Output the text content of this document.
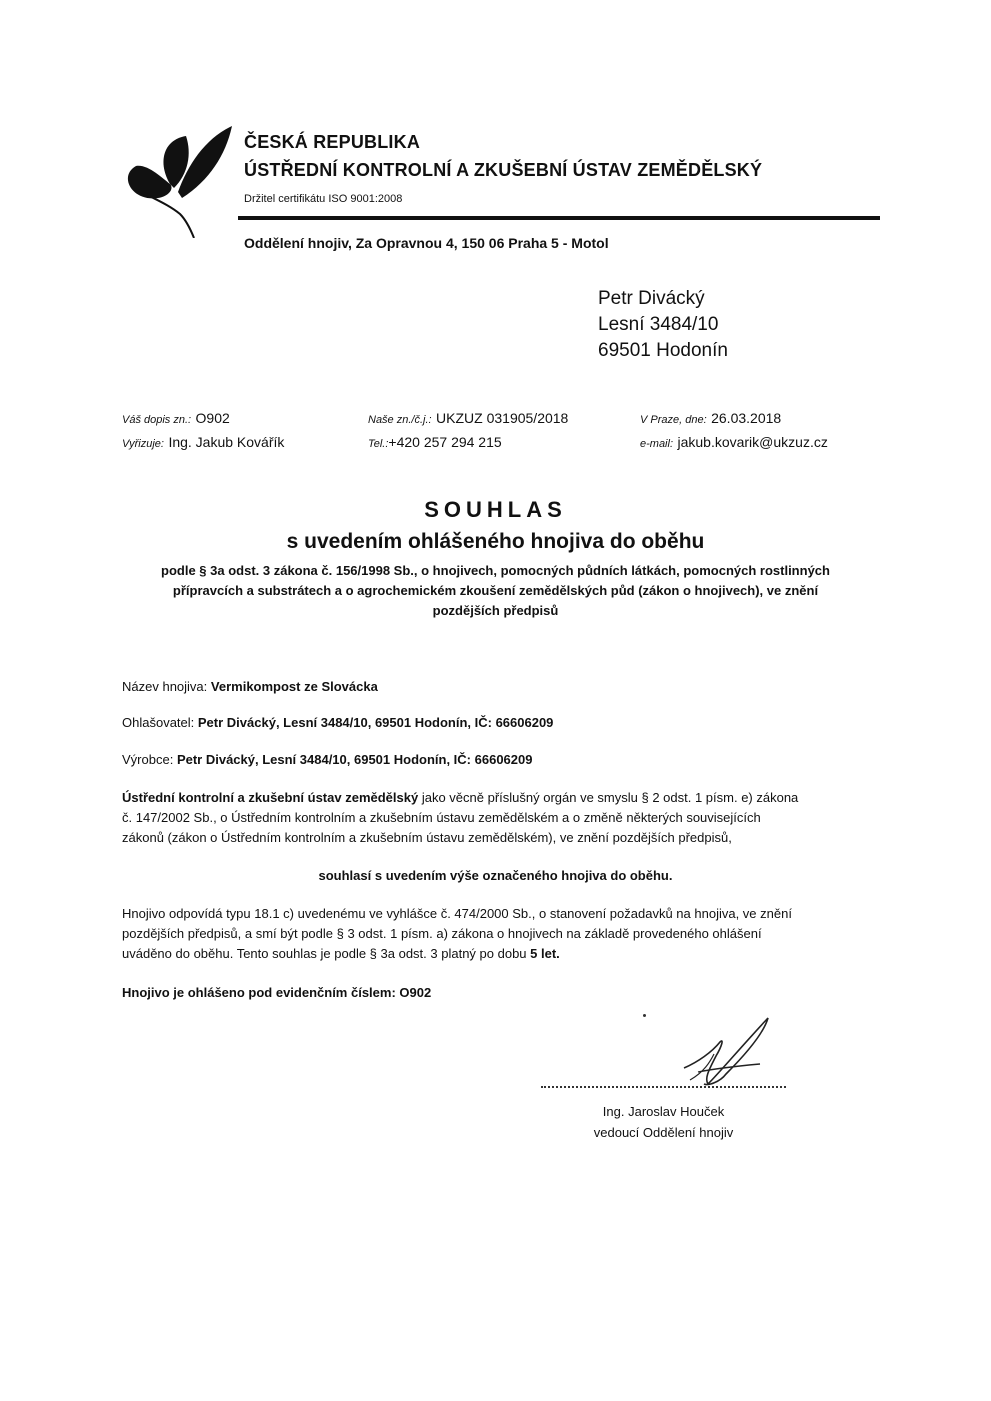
ČESKÁ REPUBLIKA
ÚSTŘEDNÍ KONTROLNÍ A ZKUŠEBNÍ ÚSTAV ZEMĚDĚLSKÝ
Držitel certifikátu ISO 9001:2008
Oddělení hnojiv, Za Opravnou 4, 150 06 Praha 5 - Motol
Petr Divácký
Lesní 3484/10
69501 Hodonín
Váš dopis zn.: O902	Naše zn./č.j.: UKZUZ 031905/2018	V Praze, dne: 26.03.2018
Vyřizuje: Ing. Jakub Kovářík	Tel.:+420 257 294 215	e-mail: jakub.kovarik@ukzuz.cz
SOUHLAS
s uvedením ohlášeného hnojiva do oběhu
podle § 3a odst. 3 zákona č. 156/1998 Sb., o hnojivech, pomocných půdních látkách, pomocných rostlinných
přípravcích a substrátech a o agrochemickém zkoušení zemědělských půd (zákon o hnojivech), ve znění
pozdějších předpisů
Název hnojiva: Vermikompost ze Slovácka
Ohlašovatel: Petr Divácký, Lesní 3484/10, 69501 Hodonín, IČ: 66606209
Výrobce: Petr Divácký, Lesní 3484/10, 69501 Hodonín, IČ: 66606209
Ústřední kontrolní a zkušební ústav zemědělský jako věcně příslušný orgán ve smyslu § 2 odst. 1 písm. e) zákona
č. 147/2002 Sb., o Ústředním kontrolním a zkušebním ústavu zemědělském a o změně některých souvisejících
zákonů (zákon o Ústředním kontrolním a zkušebním ústavu zemědělském), ve znění pozdějších předpisů,
souhlasí s uvedením výše označeného hnojiva do oběhu.
Hnojivo odpovídá typu 18.1 c) uvedenému ve vyhlášce č. 474/2000 Sb., o stanovení požadavků na hnojiva, ve znění
pozdějších předpisů, a smí být podle § 3 odst. 1 písm. a) zákona o hnojivech na základě provedeného ohlášení
uváděno do oběhu. Tento souhlas je podle § 3a odst. 3 platný po dobu 5 let.
Hnojivo je ohlášeno pod evidenčním číslem: O902
Ing. Jaroslav Houček
vedoucí Oddělení hnojiv
